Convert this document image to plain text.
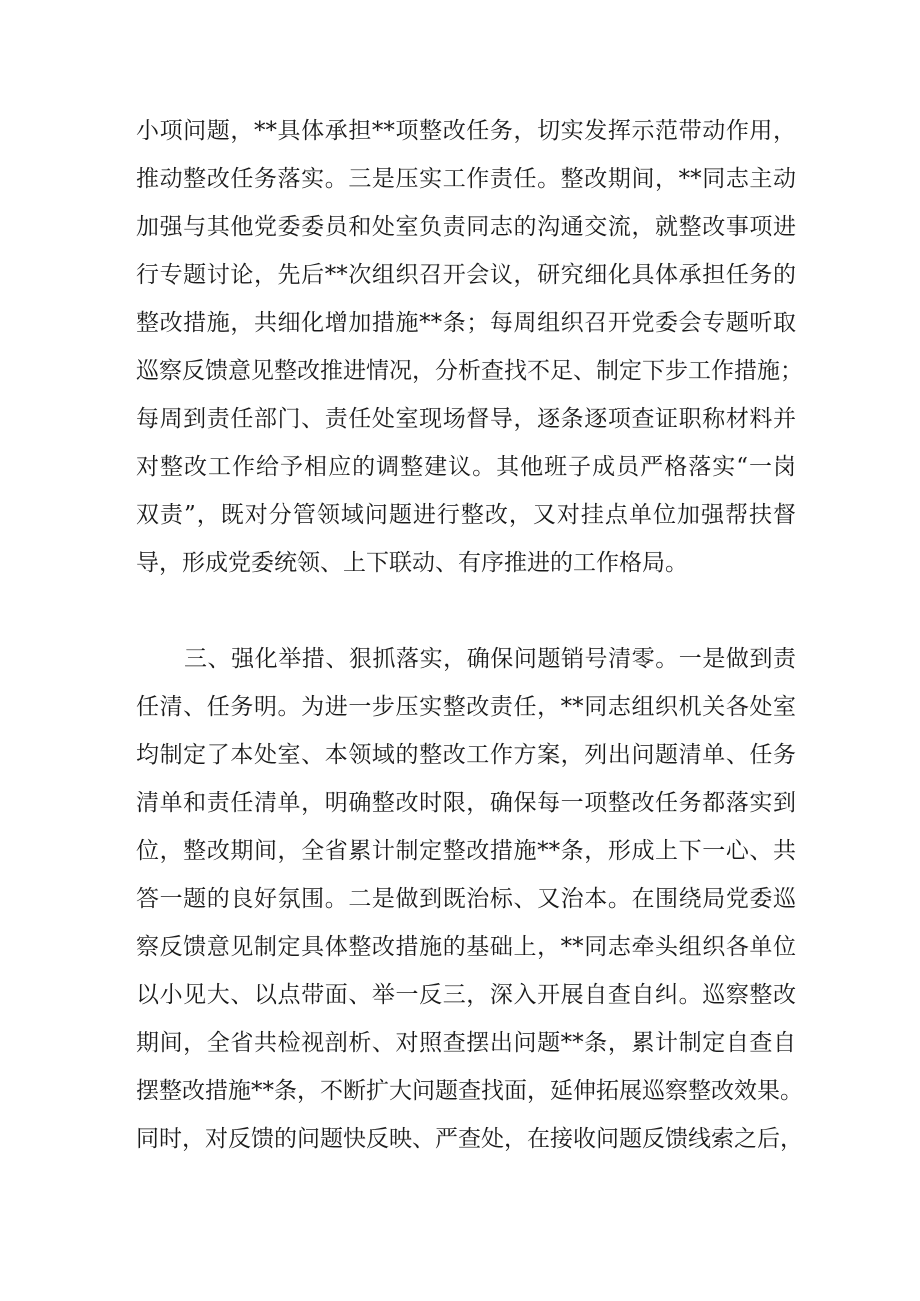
小项问题，**具体承担**项整改任务，切实发挥示范带动作用，
推动整改任务落实。三是压实工作责任。整改期间，**同志主动
加强与其他党委委员和处室负责同志的沟通交流，就整改事项进
行专题讨论，先后**次组织召开会议，研究细化具体承担任务的
整改措施，共细化增加措施**条；每周组织召开党委会专题听取
巡察反馈意见整改推进情况，分析查找不足、制定下步工作措施；
每周到责任部门、责任处室现场督导，逐条逐项查证职称材料并
对整改工作给予相应的调整建议。其他班子成员严格落实“一岗
双责”，既对分管领域问题进行整改，又对挂点单位加强帮扶督
导，形成党委统领、上下联动、有序推进的工作格局。
三、强化举措、狠抓落实，确保问题销号清零。一是做到责
任清、任务明。为进一步压实整改责任，**同志组织机关各处室
均制定了本处室、本领域的整改工作方案，列出问题清单、任务
清单和责任清单，明确整改时限，确保每一项整改任务都落实到
位，整改期间，全省累计制定整改措施**条，形成上下一心、共
答一题的良好氛围。二是做到既治标、又治本。在围绕局党委巡
察反馈意见制定具体整改措施的基础上，**同志牵头组织各单位
以小见大、以点带面、举一反三，深入开展自查自纠。巡察整改
期间，全省共检视剖析、对照查摆出问题**条，累计制定自查自
摆整改措施**条，不断扩大问题查找面，延伸拓展巡察整改效果。
同时，对反馈的问题快反映、严查处，在接收问题反馈线索之后，
